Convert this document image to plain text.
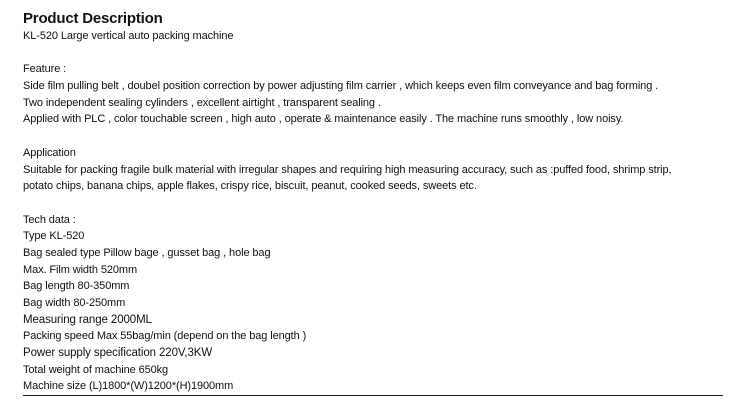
Product Description
KL-520 Large vertical auto packing machine
Feature :
Side film pulling belt , doubel position correction by power adjusting film carrier , which keeps even film conveyance and bag forming .
Two independent sealing cylinders , excellent airtight , transparent sealing .
Applied with PLC , color touchable screen , high auto , operate & maintenance easily . The machine runs smoothly , low noisy.
Application
Suitable for packing fragile bulk material with irregular shapes and requiring high measuring accuracy, such as :puffed food, shrimp strip,
potato chips, banana chips, apple flakes, crispy rice, biscuit, peanut, cooked seeds, sweets etc.
Tech data :
Type KL-520
Bag sealed type Pillow bage , gusset bag , hole bag
Max. Film width 520mm
Bag length 80-350mm
Bag width 80-250mm
Measuring range 2000ML
Packing speed Max 55bag/min (depend on the bag length )
Power supply specification 220V,3KW
Total weight of machine 650kg
Machine size (L)1800*(W)1200*(H)1900mm
